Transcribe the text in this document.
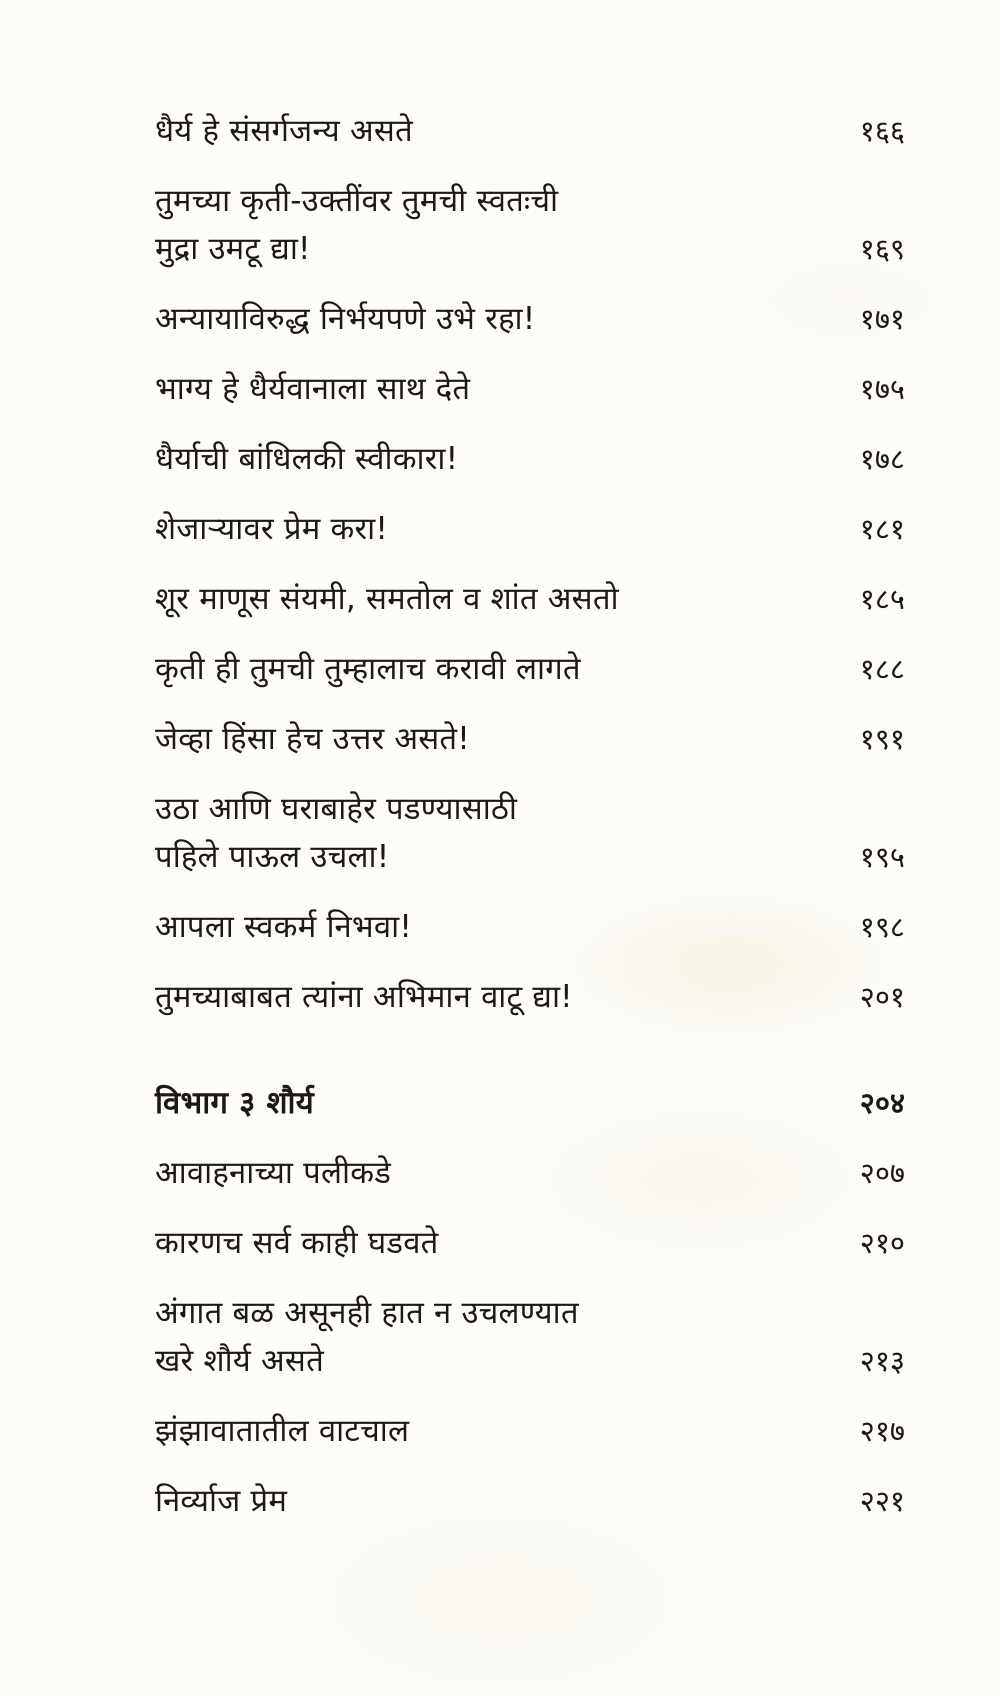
धैर्य हे संसर्गजन्य असते	१६६
तुमच्या कृती-उक्तींवर तुमची स्वतःची
मुद्रा उमटू द्या!	१६९
अन्यायाविरुद्ध निर्भयपणे उभे रहा!	१७१
भाग्य हे धैर्यवानाला साथ देते	१७५
धैर्याची बांधिलकी स्वीकारा!	१७८
शेजाऱ्यावर प्रेम करा!	१८१
शूर माणूस संयमी, समतोल व शांत असतो	१८५
कृती ही तुमची तुम्हालाच करावी लागते	१८८
जेव्हा हिंसा हेच उत्तर असते!	१९१
उठा आणि घराबाहेर पडण्यासाठी
पहिले पाऊल उचला!	१९५
आपला स्वकर्म निभवा!	१९८
तुमच्याबाबत त्यांना अभिमान वाटू द्या!	२०१
विभाग ३ शौर्य	२०४
आवाहनाच्या पलीकडे	२०७
कारणच सर्व काही घडवते	२१०
अंगात बळ असूनही हात न उचलण्यात
खरे शौर्य असते	२१३
झंझावातातील वाटचाल	२१७
निर्व्याज प्रेम	२२१
